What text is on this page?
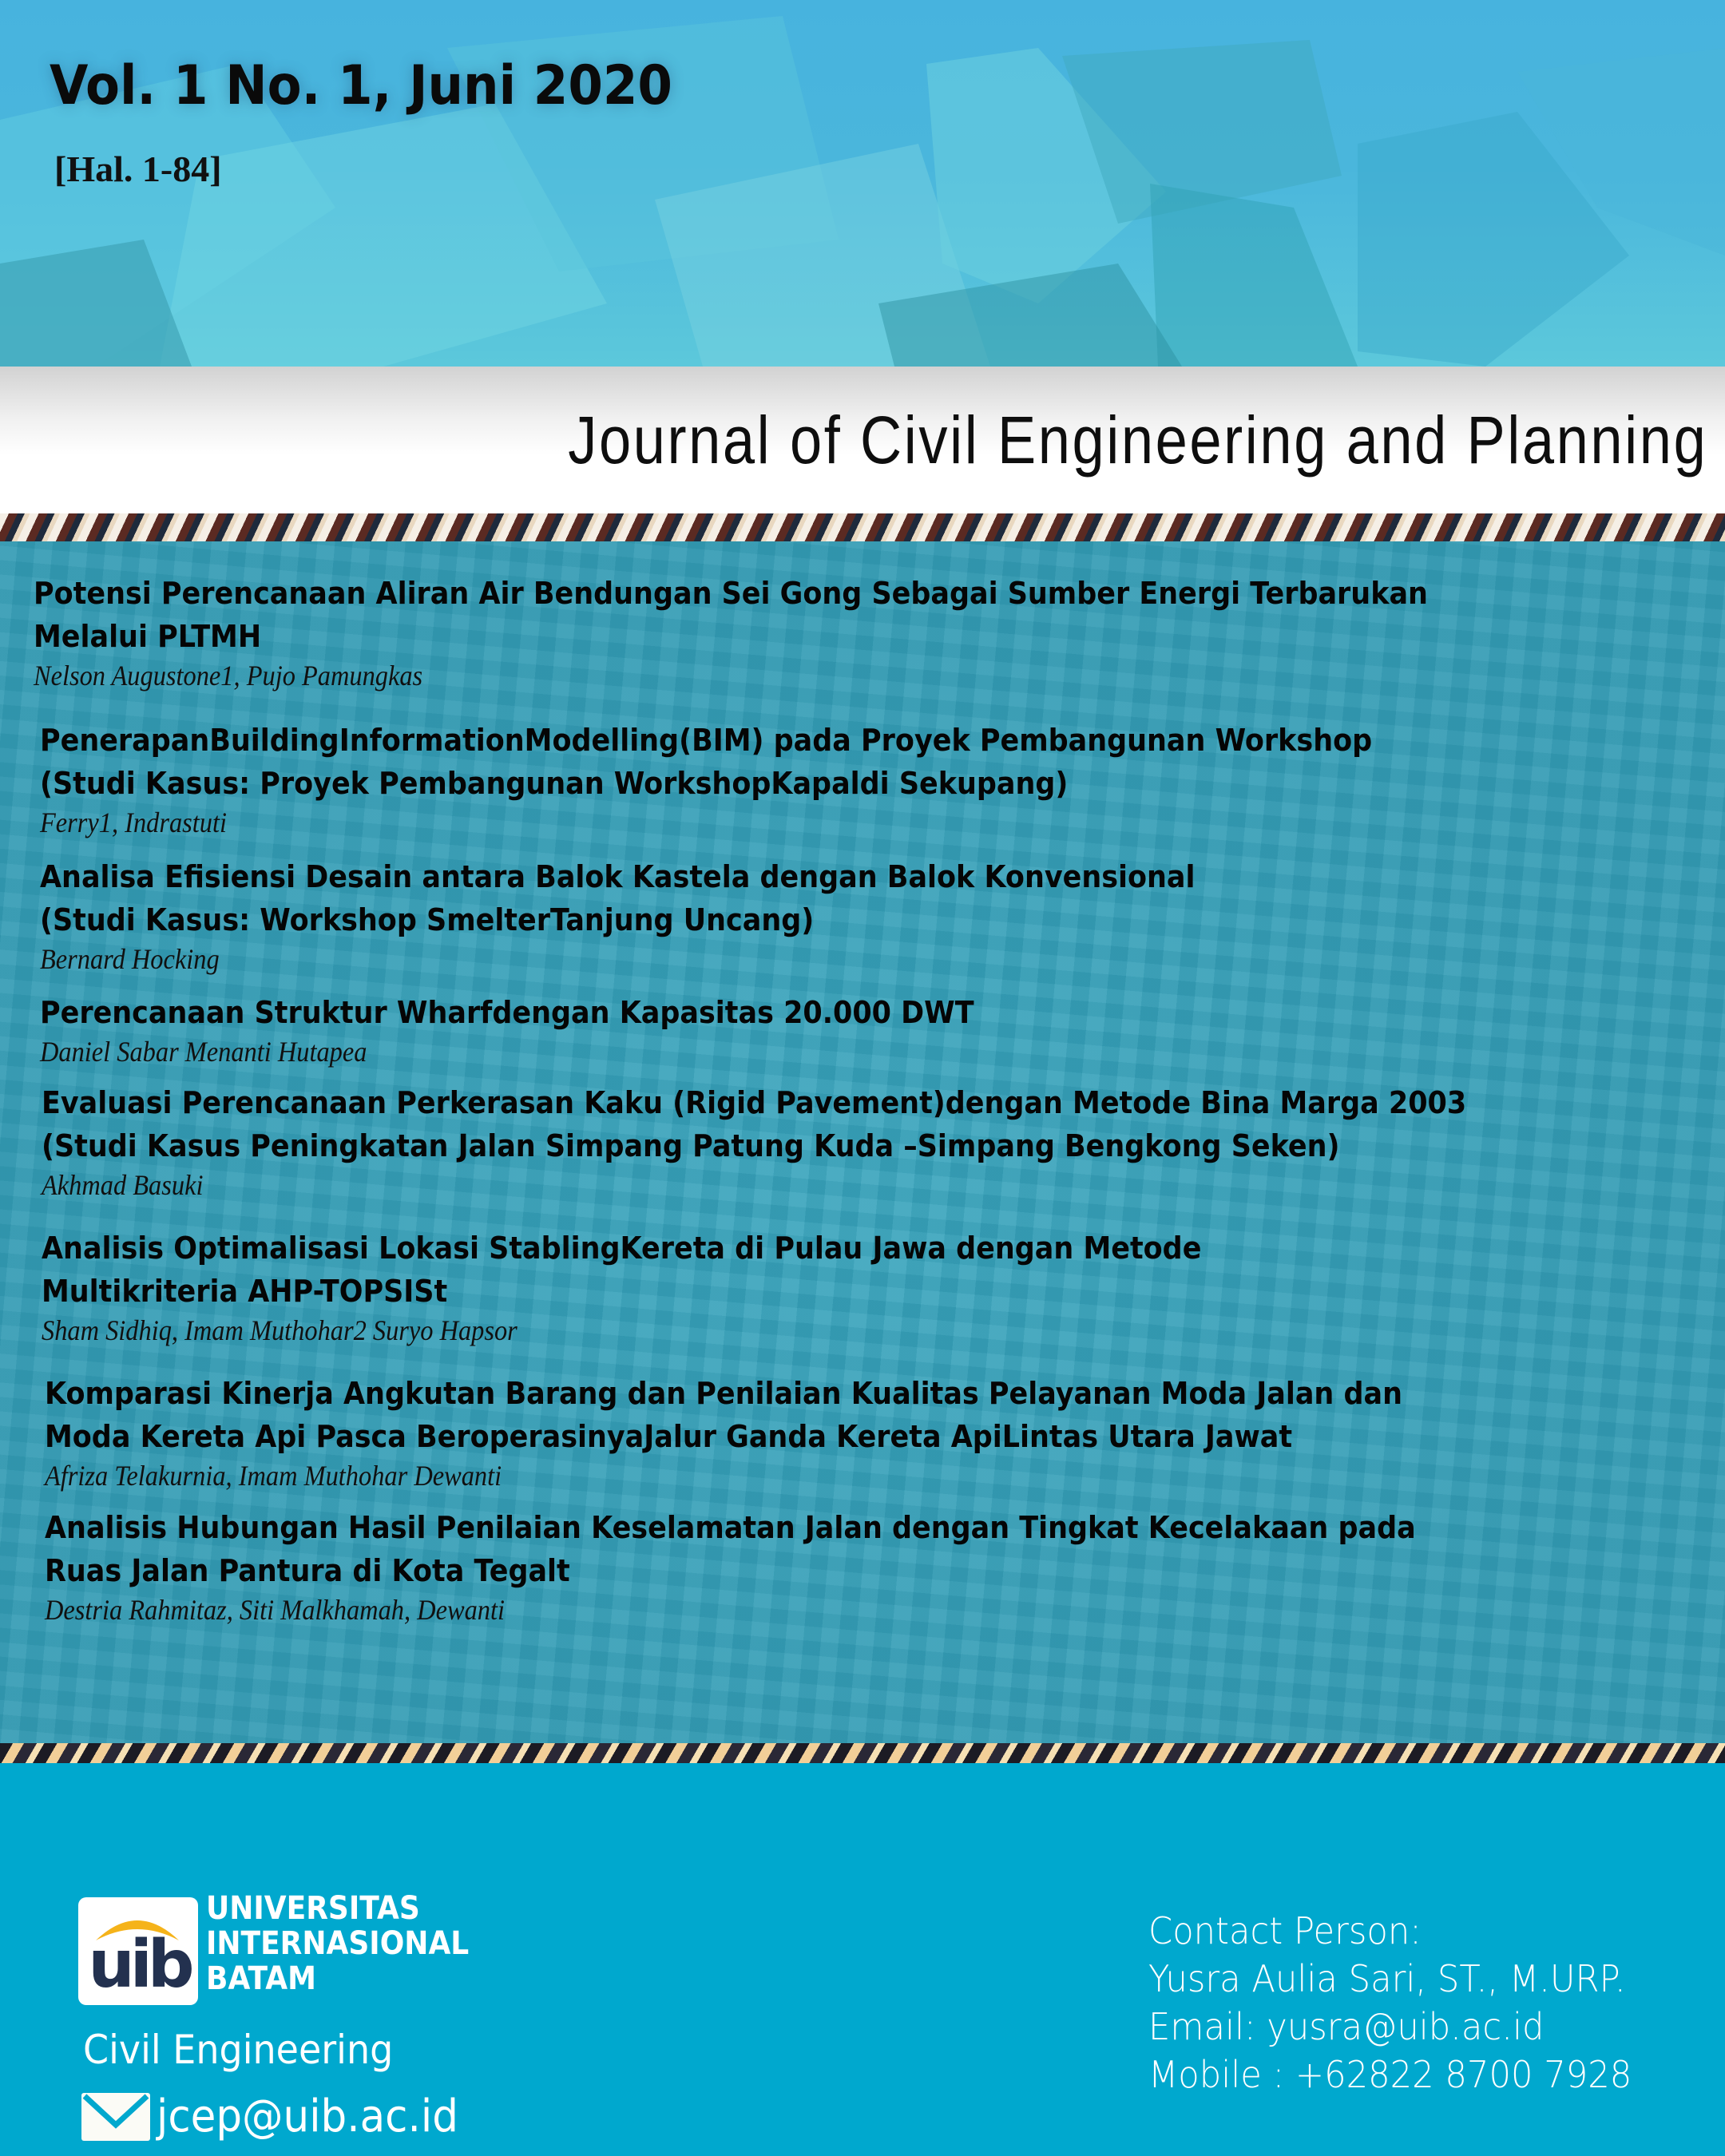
Vol. 1 No. 1, Juni 2020
[Hal. 1-84]
Journal of Civil Engineering and Planning
Potensi Perencanaan Aliran Air Bendungan Sei Gong Sebagai Sumber Energi Terbarukan
Melalui PLTMH
Nelson Augustone1, Pujo Pamungkas
PenerapanBuildingInformationModelling(BIM) pada Proyek Pembangunan Workshop
(Studi Kasus: Proyek Pembangunan WorkshopKapaldi Sekupang)
Ferry1, Indrastuti
Analisa Efisiensi Desain antara Balok Kastela dengan Balok Konvensional
(Studi Kasus: Workshop SmelterTanjung Uncang)
Bernard Hocking
Perencanaan Struktur Wharfdengan Kapasitas 20.000 DWT
Daniel Sabar Menanti Hutapea
Evaluasi Perencanaan Perkerasan Kaku (Rigid Pavement)dengan Metode Bina Marga 2003
(Studi Kasus Peningkatan Jalan Simpang Patung Kuda –Simpang Bengkong Seken)
Akhmad Basuki
Analisis Optimalisasi Lokasi StablingKereta di Pulau Jawa dengan Metode
Multikriteria AHP-TOPSISt
Sham Sidhiq, Imam Muthohar2 Suryo Hapsor
Komparasi Kinerja Angkutan Barang dan Penilaian Kualitas Pelayanan Moda Jalan dan
Moda Kereta Api Pasca BeroperasinyaJalur Ganda Kereta ApiLintas Utara Jawat
Afriza Telakurnia, Imam Muthohar Dewanti
Analisis Hubungan Hasil Penilaian Keselamatan Jalan dengan Tingkat Kecelakaan pada
Ruas Jalan Pantura di Kota Tegalt
Destria Rahmitaz, Siti Malkhamah, Dewanti
uib
UNIVERSITAS
INTERNASIONAL
BATAM
Civil Engineering
jcep@uib.ac.id
Contact Person:
Yusra Aulia Sari, ST., M.URP.
Email: yusra@uib.ac.id
Mobile : +62822 8700 7928
